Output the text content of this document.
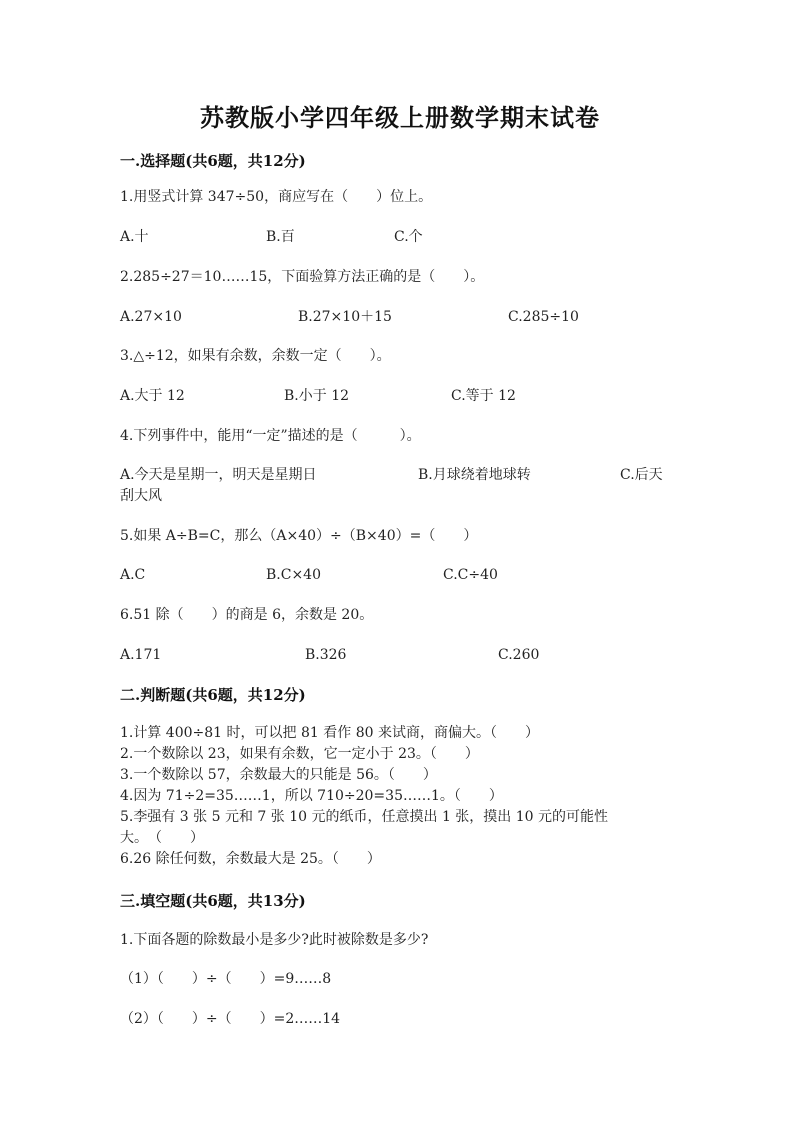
苏教版小学四年级上册数学期末试卷
一.选择题(共6题，共12分)
1.用竖式计算 347÷50，商应写在（　　）位上。
A.十	B.百	C.个
2.285÷27＝10……15，下面验算方法正确的是（　　）。
A.27×10	B.27×10＋15	C.285÷10
3.△÷12，如果有余数，余数一定（　　）。
A.大于 12	B.小于 12	C.等于 12
4.下列事件中，能用“一定”描述的是（　　　）。
A.今天是星期一，明天是星期日	B.月球绕着地球转	C.后天
刮大风
5.如果 A÷B=C，那么（A×40）÷（B×40）=（　　）
A.C	B.C×40	C.C÷40
6.51 除（　　）的商是 6，余数是 20。
A.171	B.326	C.260
二.判断题(共6题，共12分)
1.计算 400÷81 时，可以把 81 看作 80 来试商，商偏大。（　　）
2.一个数除以 23，如果有余数，它一定小于 23。（　　）
3.一个数除以 57，余数最大的只能是 56。（　　）
4.因为 71÷2=35……1，所以 710÷20=35……1。（　　）
5.李强有 3 张 5 元和 7 张 10 元的纸币，任意摸出 1 张，摸出 10 元的可能性
大。　（　　）
6.26 除任何数，余数最大是 25。（　　）
三.填空题(共6题，共13分)
1.下面各题的除数最小是多少?此时被除数是多少?
（1）（　　）÷（　　）=9……8
（2）（　　）÷（　　）=2……14
